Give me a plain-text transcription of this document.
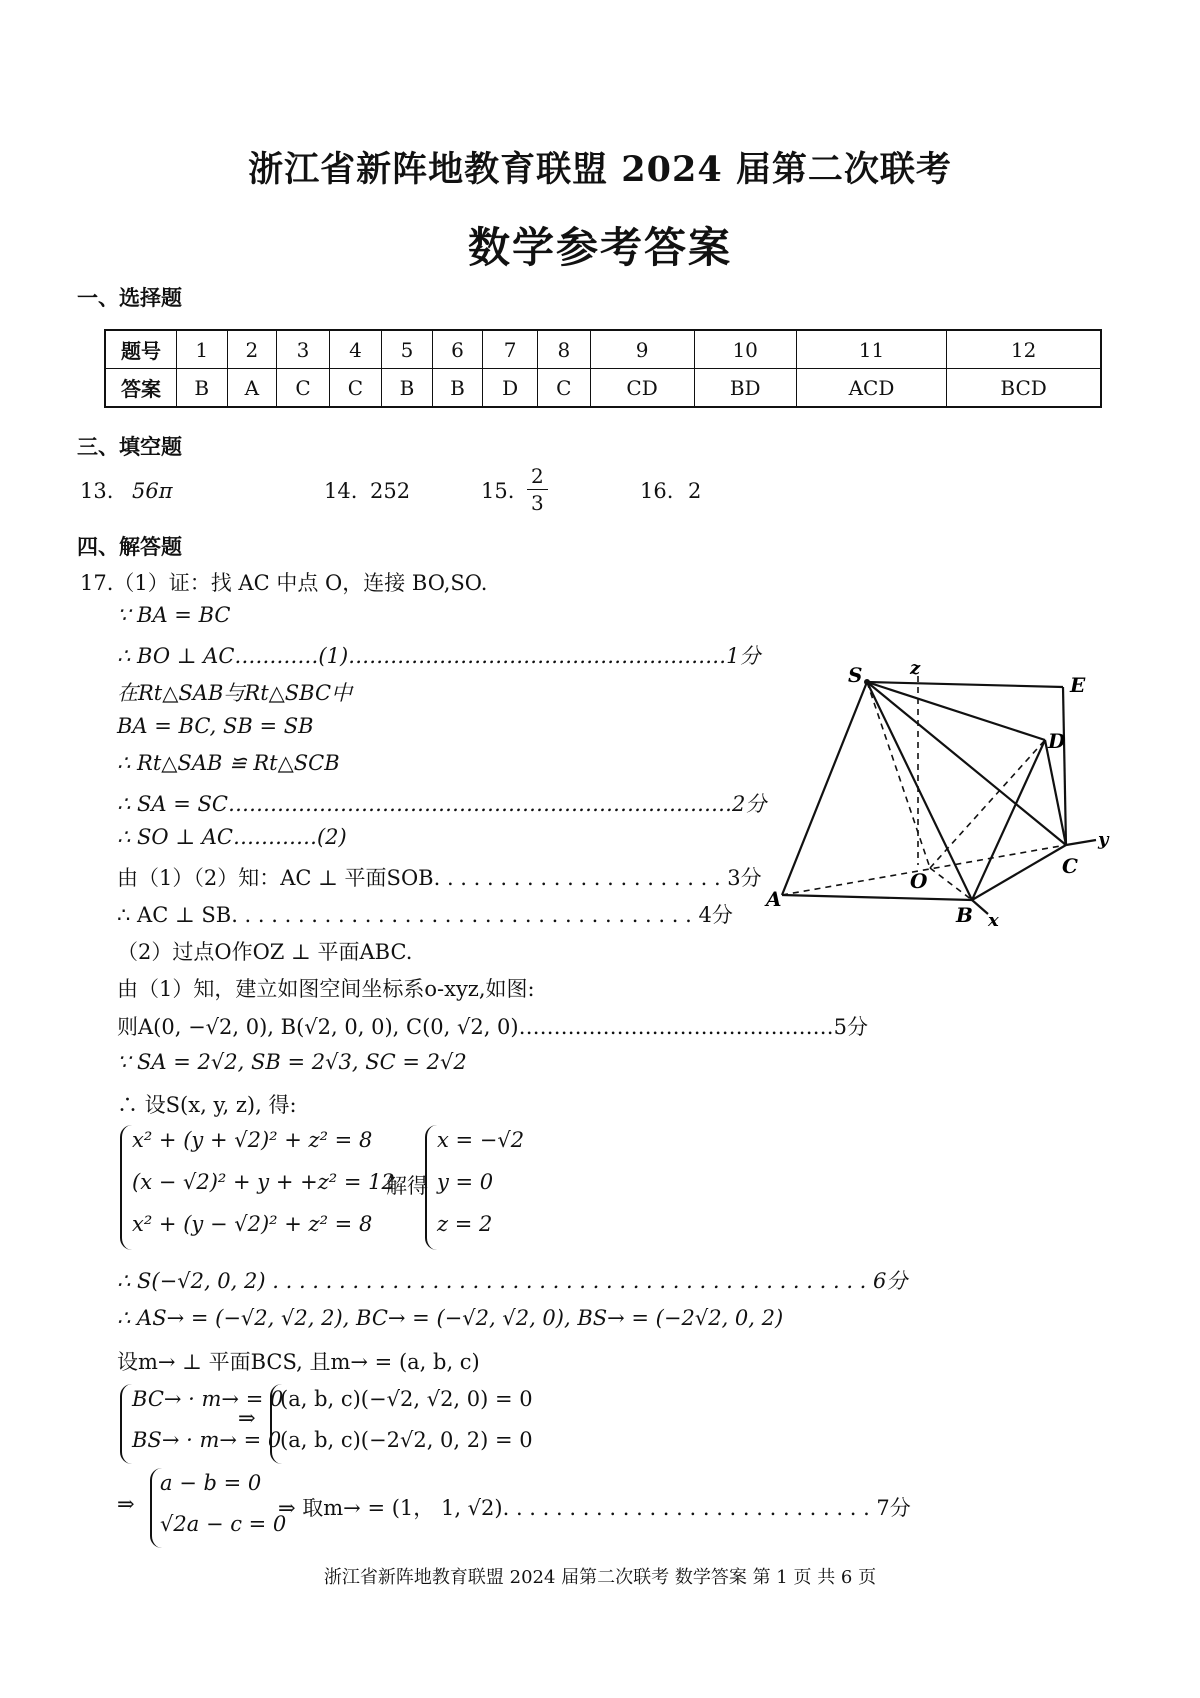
浙江省新阵地教育联盟 2024 届第二次联考
数学参考答案
一、选择题
题号	1	2	3	4	5	6	7	8	9	10	11	12
答案	B	A	C	C	B	B	D	C	CD	BD	ACD	BCD
三、填空题
13. 56π	14. 252	15. $\frac{2}{3}$	16. 2
四、解答题
17.（1）证：找 AC 中点 O，连接 BO,SO.
∵ BA = BC
∴ BO ⊥ AC…………(1)………………………………………………1分
在Rt△SAB与Rt△SBC中
BA = BC, SB = SB
∴ Rt△SAB ≌ Rt△SCB
∴ SA = SC………………………………………………………………2分
∴ SO ⊥ AC…………(2)
由（1）（2）知：AC ⊥ 平面SOB. . . . . . . . . . . . . . . . . . . . . . 3分
∴ AC ⊥ SB. . . . . . . . . . . . . . . . . . . . . . . . . . . . . . . . . . . 4分
（2）过点O作OZ ⊥ 平面ABC.
由（1）知，建立如图空间坐标系o-xyz,如图:
则A(0, −√2, 0), B(√2, 0, 0), C(0, √2, 0)………………………………………5分
∵ SA = 2√2, SB = 2√3, SC = 2√2
∴ 设S(x, y, z), 得:
x² + (y + √2)² + z² = 8
(x − √2)² + y + +z² = 12
x² + (y − √2)² + z² = 8
解得
x = −√2
y = 0
z = 2
∴ S(−√2, 0, 2) . . . . . . . . . . . . . . . . . . . . . . . . . . . . . . . . . . . . . . . . . . . . . 6分
∴ AS→ = (−√2, √2, 2), BC→ = (−√2, √2, 0), BS→ = (−2√2, 0, 2)
设m→ ⊥ 平面BCS, 且m→ = (a, b, c)
BC→ · m→ = 0
BS→ · m→ = 0
⇒
(a, b, c)(−√2, √2, 0) = 0
(a, b, c)(−2√2, 0, 2) = 0
⇒
a − b = 0
√2a − c = 0
⇒ 取m→ = (1， 1, √2). . . . . . . . . . . . . . . . . . . . . . . . . . . . 7分
S	z
E
D
C
y
O
A
B x
浙江省新阵地教育联盟 2024 届第二次联考 数学答案 第 1 页 共 6 页
